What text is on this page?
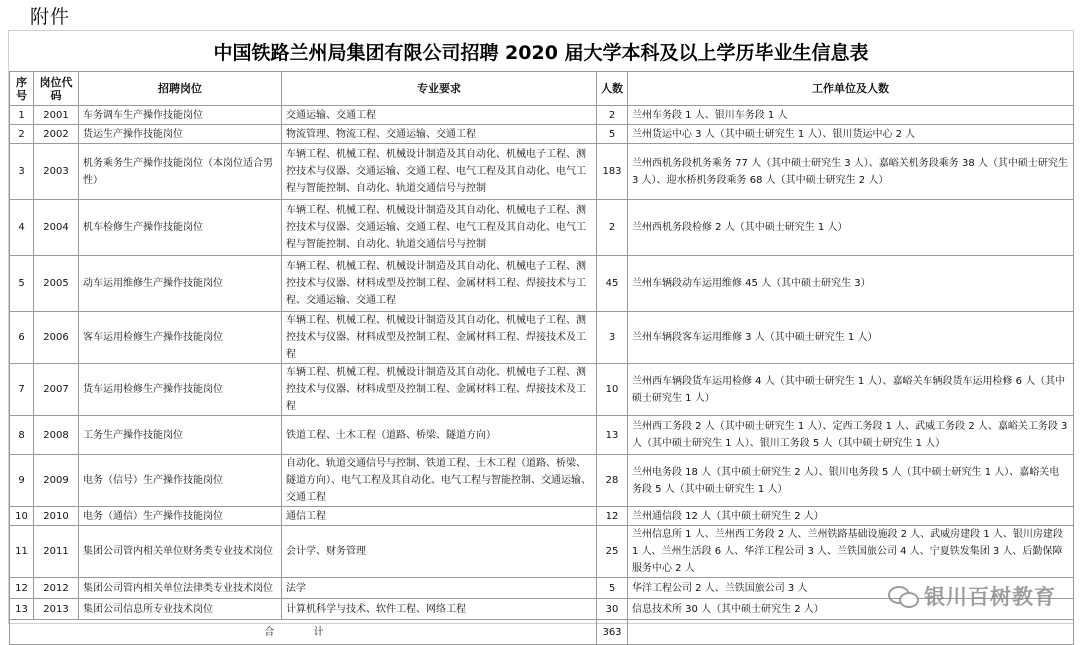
附件
中国铁路兰州局集团有限公司招聘 2020 届大学本科及以上学历毕业生信息表
序号	岗位代码	招聘岗位	专业要求	人数	工作单位及人数
1	2001	车务调车生产操作技能岗位	交通运输、交通工程	2	兰州车务段 1 人、银川车务段 1 人
2	2002	货运生产操作技能岗位	物流管理、物流工程、交通运输、交通工程	5	兰州货运中心 3 人（其中硕士研究生 1 人）、银川货运中心 2 人
3	2003	机务乘务生产操作技能岗位（本岗位适合男性）	车辆工程、机械工程、机械设计制造及其自动化、机械电子工程、测控技术与仪器、交通运输、交通工程、电气工程及其自动化、电气工程与智能控制、自动化、轨道交通信号与控制	183	兰州西机务段机务乘务 77 人（其中硕士研究生 3 人）、嘉峪关机务段乘务 38 人（其中硕士研究生 3 人）、迎水桥机务段乘务 68 人（其中硕士研究生 2 人）
4	2004	机车检修生产操作技能岗位	车辆工程、机械工程、机械设计制造及其自动化、机械电子工程、测控技术与仪器、交通运输、交通工程、电气工程及其自动化、电气工程与智能控制、自动化、轨道交通信号与控制	2	兰州西机务段检修 2 人（其中硕士研究生 1 人）
5	2005	动车运用维修生产操作技能岗位	车辆工程、机械工程、机械设计制造及其自动化、机械电子工程、测控技术与仪器、材料成型及控制工程、金属材料工程、焊接技术与工程、交通运输、交通工程	45	兰州车辆段动车运用维修 45 人（其中硕士研究生 3）
6	2006	客车运用检修生产操作技能岗位	车辆工程、机械工程、机械设计制造及其自动化、机械电子工程、测控技术与仪器、材料成型及控制工程、金属材料工程、焊接技术及工程	3	兰州车辆段客车运用维修 3 人（其中硕士研究生 1 人）
7	2007	货车运用检修生产操作技能岗位	车辆工程、机械工程、机械设计制造及其自动化、机械电子工程、测控技术与仪器、材料成型及控制工程、金属材料工程、焊接技术及工程	10	兰州西车辆段货车运用检修 4 人（其中硕士研究生 1 人）、嘉峪关车辆段货车运用检修 6 人（其中硕士研究生 1 人）
8	2008	工务生产操作技能岗位	铁道工程、土木工程（道路、桥梁、隧道方向）	13	兰州西工务段 2 人（其中硕士研究生 1 人）、定西工务段 1 人、武威工务段 2 人、嘉峪关工务段 3 人（其中硕士研究生 1 人）、银川工务段 5 人（其中硕士研究生 1 人）
9	2009	电务（信号）生产操作技能岗位	自动化、轨道交通信号与控制、铁道工程、土木工程（道路、桥梁、隧道方向）、电气工程及其自动化、电气工程与智能控制、交通运输、交通工程	28	兰州电务段 18 人（其中硕士研究生 2 人）、银川电务段 5 人（其中硕士研究生 1 人）、嘉峪关电务段 5 人（其中硕士研究生 1 人）
10	2010	电务（通信）生产操作技能岗位	通信工程	12	兰州通信段 12 人（其中硕士研究生 2 人）
11	2011	集团公司管内相关单位财务类专业技术岗位	会计学、财务管理	25	兰州信息所 1 人、兰州西工务段 2 人、兰州铁路基础设施段 2 人、武威房建段 1 人、银川房建段 1 人、兰州生活段 6 人、华洋工程公司 3 人、兰铁国旅公司 4 人、宁夏铁发集团 3 人、后勤保障服务中心 2 人
12	2012	集团公司管内相关单位法律类专业技术岗位	法学	5	华洋工程公司 2 人、兰铁国旅公司 3 人
13	2013	集团公司信息所专业技术岗位	计算机科学与技术、软件工程、网络工程	30	信息技术所 30 人（其中硕士研究生 2 人）
合 计				363	
银川百树教育
